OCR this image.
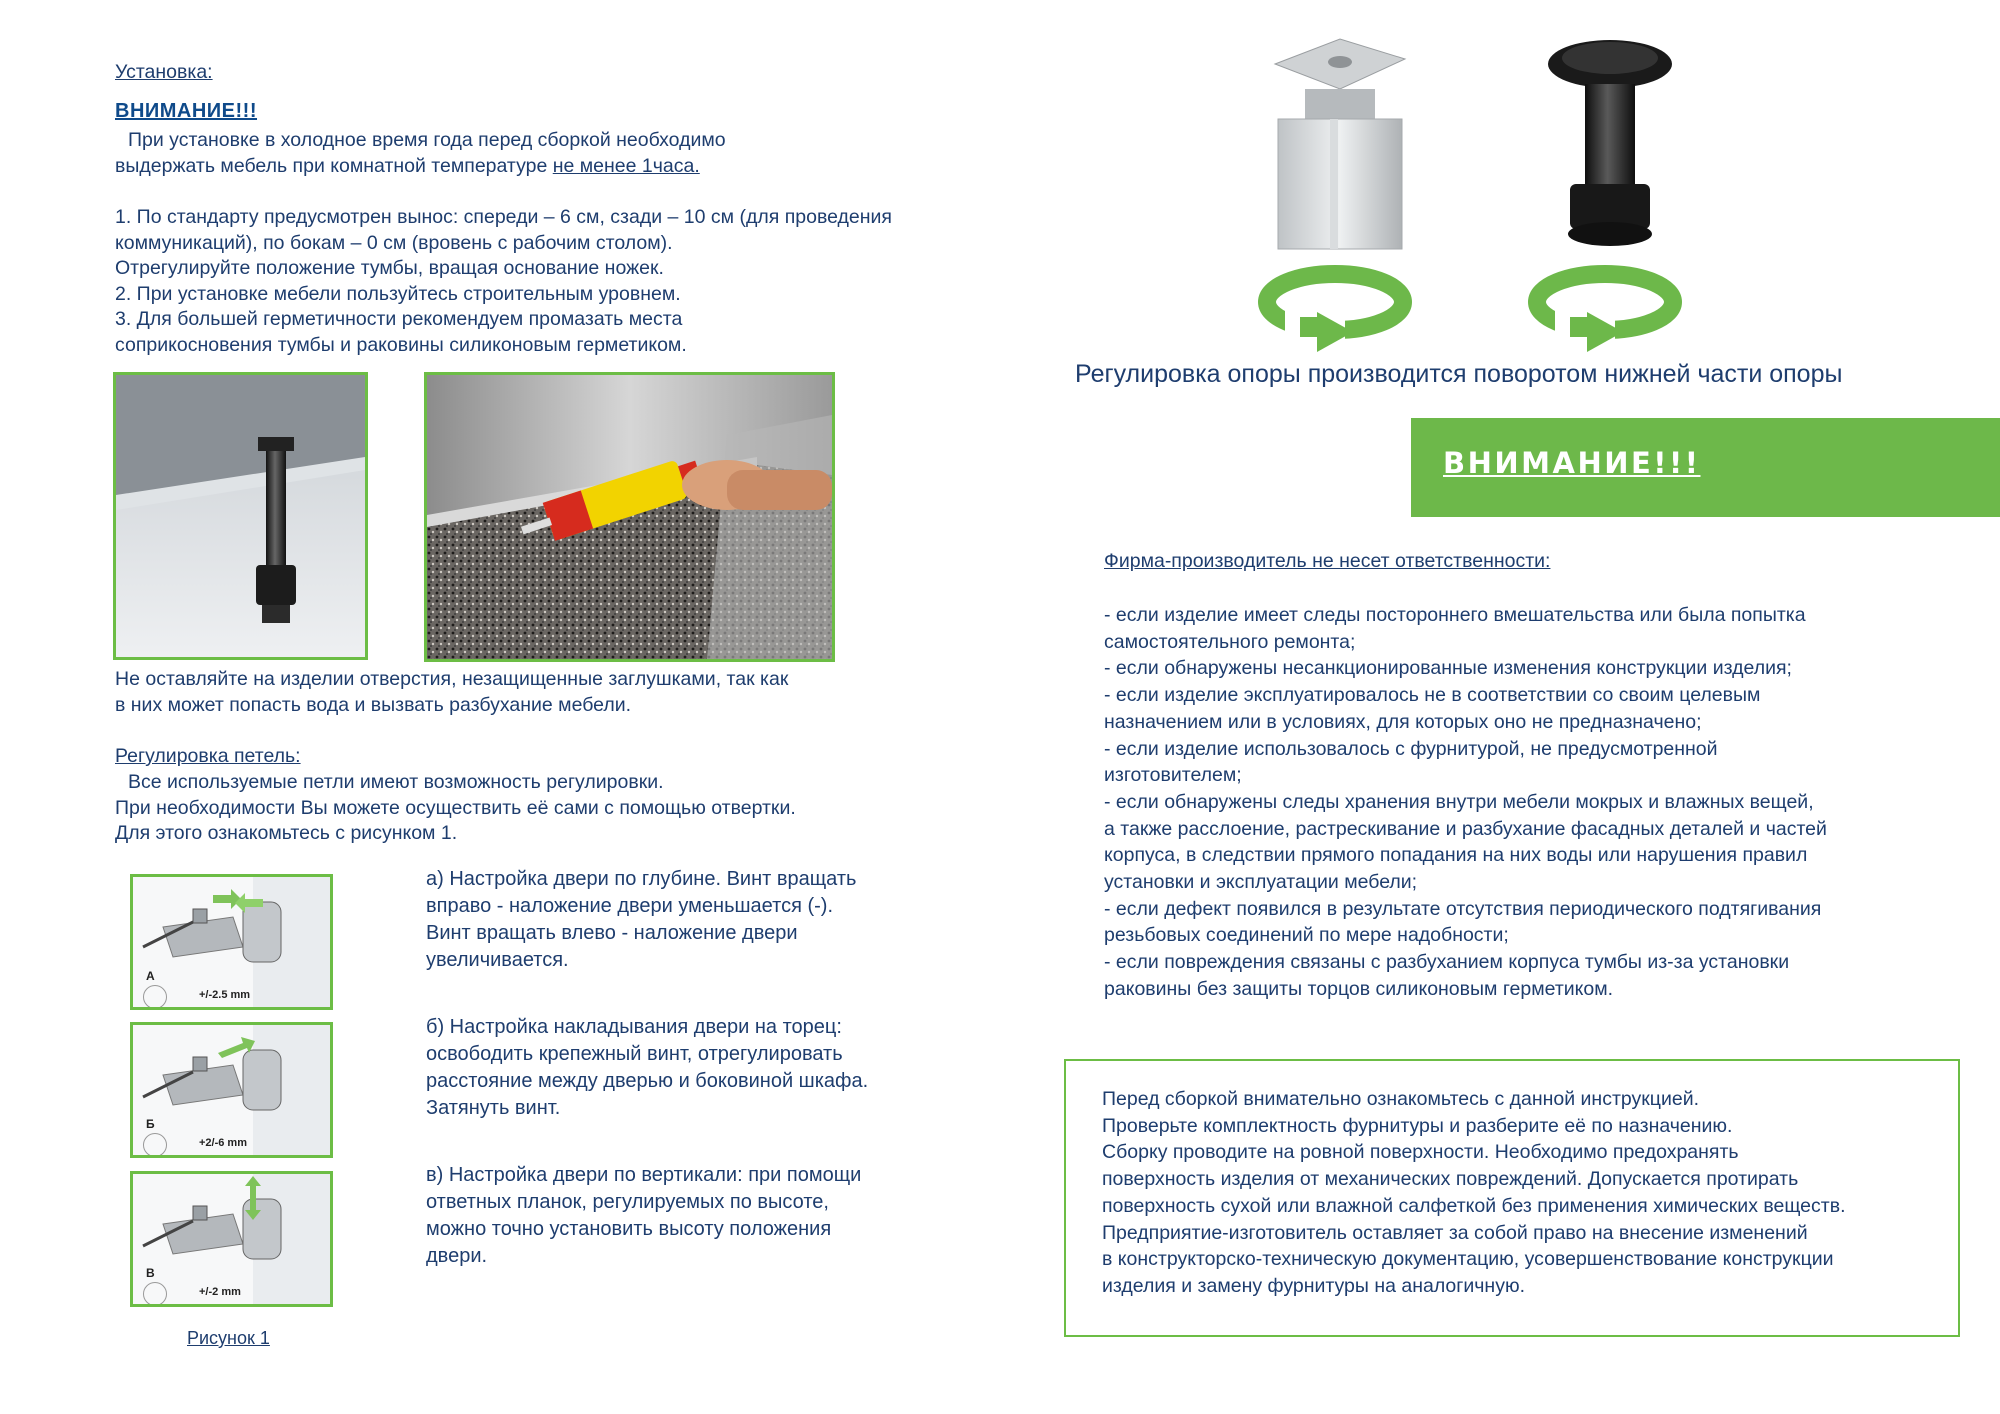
Установка:
ВНИМАНИЕ!!!
При установке в холодное время года перед сборкой необходимо
выдержать мебель при комнатной температуре не менее 1часа.
1. По стандарту предусмотрен вынос: спереди – 6 см, сзади – 10 см (для проведения
коммуникаций), по бокам – 0 см (вровень с рабочим столом).
Отрегулируйте положение тумбы, вращая основание ножек.
2. При установке мебели пользуйтесь строительным уровнем.
3. Для большей герметичности рекомендуем промазать места
соприкосновения тумбы и раковины силиконовым герметиком.
Не оставляйте на изделии отверстия, незащищенные заглушками, так как
в них может попасть вода и вызвать разбухание мебели.
Регулировка петель:
Все используемые петли имеют возможность регулировки.
При необходимости Вы можете осуществить её сами с помощью отвертки.
Для этого ознакомьтесь с рисунком 1.
А
+/-2.5 mm
Б
+2/-6 mm
В
+/-2 mm
Рисунок 1
а) Настройка двери по глубине. Винт вращать
вправо - наложение двери уменьшается (-).
Винт вращать влево - наложение двери
увеличивается.
б) Настройка накладывания двери на торец:
освободить крепежный винт, отрегулировать
расстояние между дверью и боковиной шкафа.
Затянуть винт.
в) Настройка двери по вертикали: при помощи
ответных планок, регулируемых по высоте,
можно точно установить высоту положения
двери.
Регулировка опоры производится поворотом нижней части опоры
ВНИМАНИЕ!!!
Фирма-производитель не несет ответственности:
- если изделие имеет следы постороннего вмешательства или была попытка
самостоятельного ремонта;
- если обнаружены несанкционированные изменения конструкции изделия;
- если изделие эксплуатировалось не в соответствии со своим целевым
назначением или в условиях, для которых оно не предназначено;
- если изделие использовалось с фурнитурой, не предусмотренной
изготовителем;
- если обнаружены следы хранения внутри мебели мокрых и влажных вещей,
а также расслоение, растрескивание и разбухание фасадных деталей и частей
корпуса, в следствии прямого попадания на них воды или нарушения правил
установки и эксплуатации мебели;
- если дефект появился в результате отсутствия периодического подтягивания
резьбовых соединений по мере надобности;
- если повреждения связаны с разбуханием корпуса тумбы из-за установки
раковины без защиты торцов силиконовым герметиком.
Перед сборкой внимательно ознакомьтесь с данной инструкцией.
Проверьте комплектность фурнитуры и разберите её по назначению.
Сборку проводите на ровной поверхности. Необходимо предохранять
поверхность изделия от механических повреждений. Допускается протирать
поверхность сухой или влажной салфеткой без применения химических веществ.
Предприятие-изготовитель оставляет за собой право на внесение изменений
в конструкторско-техническую документацию, усовершенствование конструкции
изделия и замену фурнитуры на аналогичную.
